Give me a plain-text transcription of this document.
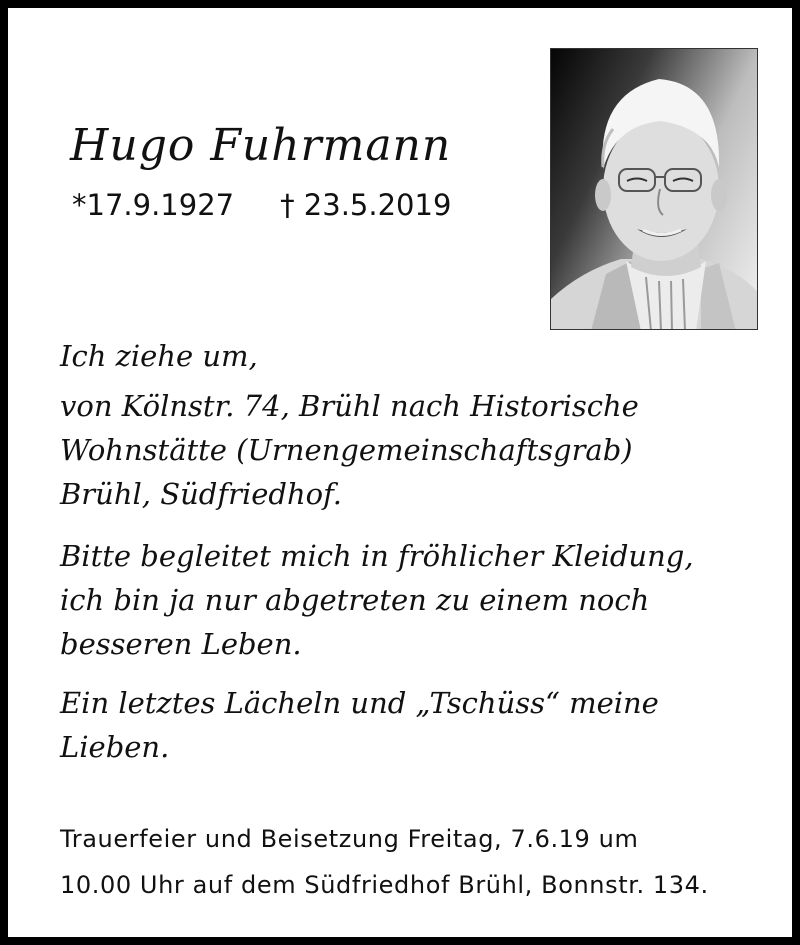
Hugo Fuhrmann
*17.9.1927 † 23.5.2019
Ich ziehe um,
von Kölnstr. 74, Brühl nach Historische
Wohnstätte (Urnengemeinschaftsgrab)
Brühl, Südfriedhof.
Bitte begleitet mich in fröhlicher Kleidung,
ich bin ja nur abgetreten zu einem noch
besseren Leben.
Ein letztes Lächeln und „Tschüss“ meine
Lieben.
Trauerfeier und Beisetzung Freitag, 7.6.19 um
10.00 Uhr auf dem Südfriedhof Brühl, Bonnstr. 134.
